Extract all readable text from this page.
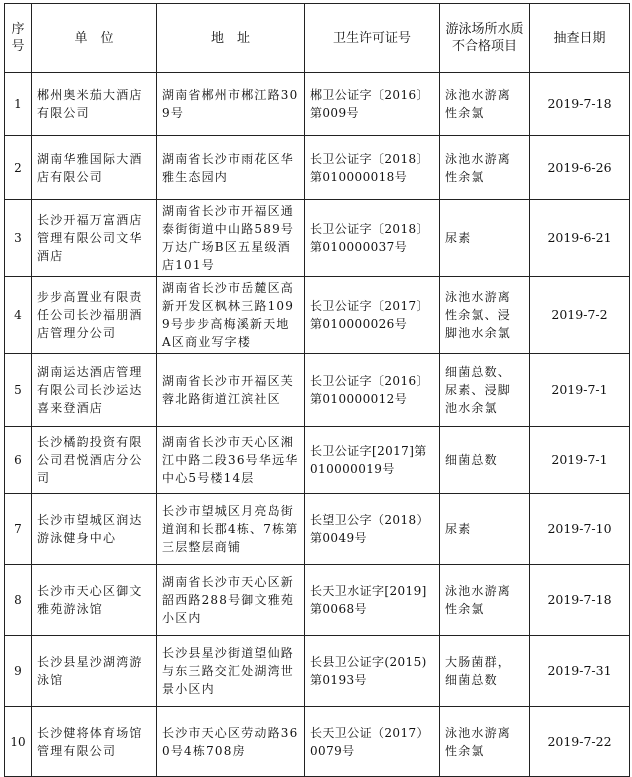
序号	单　位	地　址	卫生许可证号	游泳场所水质不合格项目	抽查日期
1	郴州奥米茄大酒店有限公司	湖南省郴州市郴江路309号	郴卫公证字〔2016〕第009号	泳池水游离性余氯	2019-7-18
2	湖南华雅国际大酒店有限公司	湖南省长沙市雨花区华雅生态园内	长卫公证字〔2018〕第010000018号	泳池水游离性余氯	2019-6-26
3	长沙开福万富酒店管理有限公司文华酒店	湖南省长沙市开福区通泰街街道中山路589号万达广场B区五星级酒店101号	长卫公证字〔2018〕第010000037号	尿素	2019-6-21
4	步步高置业有限责任公司长沙福朋酒店管理分公司	湖南省长沙市岳麓区高新开发区枫林三路1099号步步高梅溪新天地A区商业写字楼	长卫公证字〔2017〕第010000026号	泳池水游离性余氯、浸脚池水余氯	2019-7-2
5	湖南运达酒店管理有限公司长沙运达喜来登酒店	湖南省长沙市开福区芙蓉北路街道江滨社区	长卫公证字〔2016〕第010000012号	细菌总数、尿素、浸脚池水余氯	2019-7-1
6	长沙橘韵投资有限公司君悦酒店分公司	湖南省长沙市天心区湘江中路二段36号华远华中心5号楼14层	长卫公证字[2017]第010000019号	细菌总数	2019-7-1
7	长沙市望城区润达游泳健身中心	长沙市望城区月亮岛街道润和长郡4栋、7栋第三层整层商铺	长望卫公字（2018）第0049号	尿素	2019-7-10
8	长沙市天心区御文雅苑游泳馆	湖南省长沙市天心区新韶西路288号御文雅苑小区内	长天卫水证字[2019]第0068号	泳池水游离性余氯	2019-7-18
9	长沙县星沙湖湾游泳馆	长沙县星沙街道望仙路与东三路交汇处湖湾世景小区内	长县卫公证字(2015)第0193号	大肠菌群，细菌总数	2019-7-31
10	长沙健将体育场馆管理有限公司	长沙市天心区劳动路360号4栋708房	长天卫公证（2017）0079号	泳池水游离性余氯	2019-7-22
